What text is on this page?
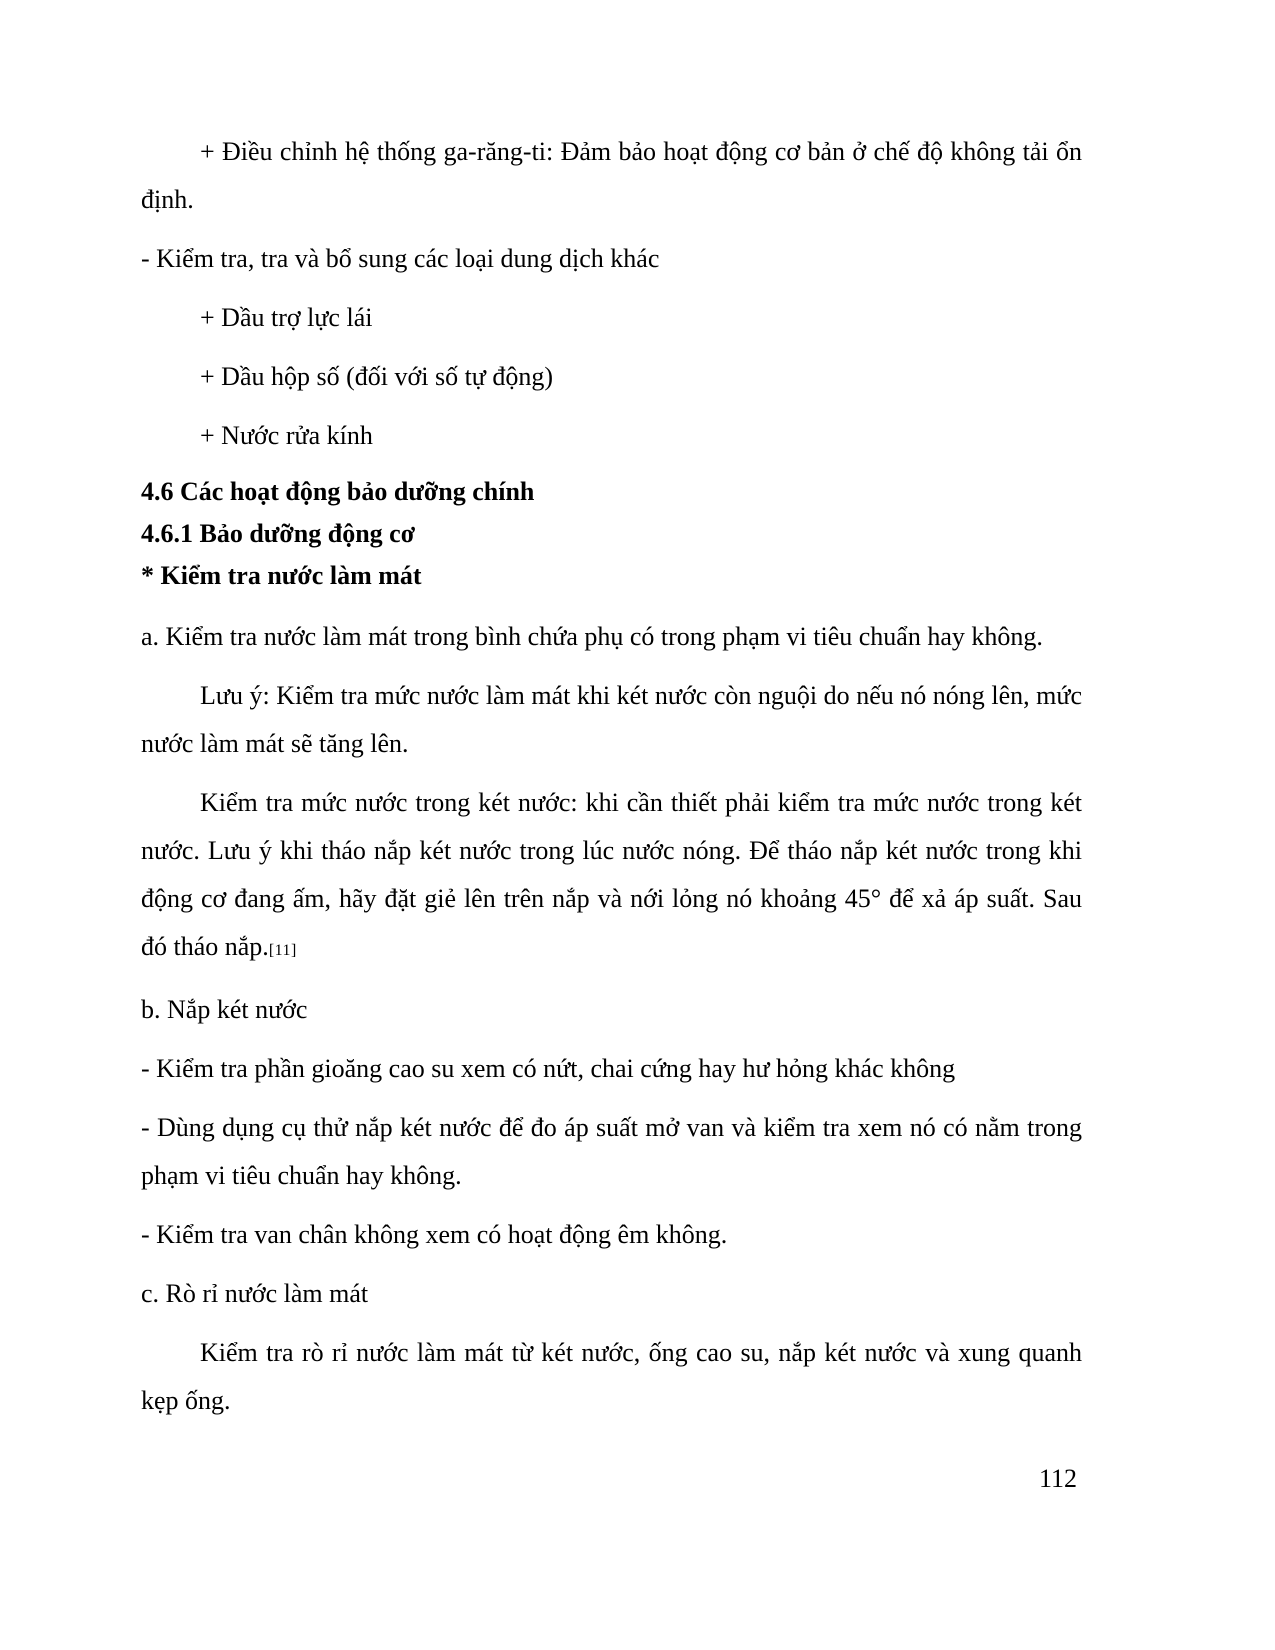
+ Điều chỉnh hệ thống ga-răng-ti: Đảm bảo hoạt động cơ bản ở chế độ không tải ổn định.

- Kiểm tra, tra và bổ sung các loại dung dịch khác

+ Dầu trợ lực lái

+ Dầu hộp số (đối với số tự động)

+ Nước rửa kính

4.6 Các hoạt động bảo dưỡng chính

4.6.1 Bảo dưỡng động cơ

* Kiểm tra nước làm mát

a. Kiểm tra nước làm mát trong bình chứa phụ có trong phạm vi tiêu chuẩn hay không.

Lưu ý: Kiểm tra mức nước làm mát khi két nước còn nguội do nếu nó nóng lên, mức nước làm mát sẽ tăng lên.

Kiểm tra mức nước trong két nước: khi cần thiết phải kiểm tra mức nước trong két nước. Lưu ý khi tháo nắp két nước trong lúc nước nóng. Để tháo nắp két nước trong khi động cơ đang ấm, hãy đặt giẻ lên trên nắp và nới lỏng nó khoảng 45° để xả áp suất. Sau đó tháo nắp.[11]

b. Nắp két nước

- Kiểm tra phần gioăng cao su xem có nứt, chai cứng hay hư hỏng khác không

- Dùng dụng cụ thử nắp két nước để đo áp suất mở van và kiểm tra xem nó có nằm trong phạm vi tiêu chuẩn hay không.

- Kiểm tra van chân không xem có hoạt động êm không.

c. Rò rỉ nước làm mát

Kiểm tra rò rỉ nước làm mát từ két nước, ống cao su, nắp két nước và xung quanh kẹp ống.

112
